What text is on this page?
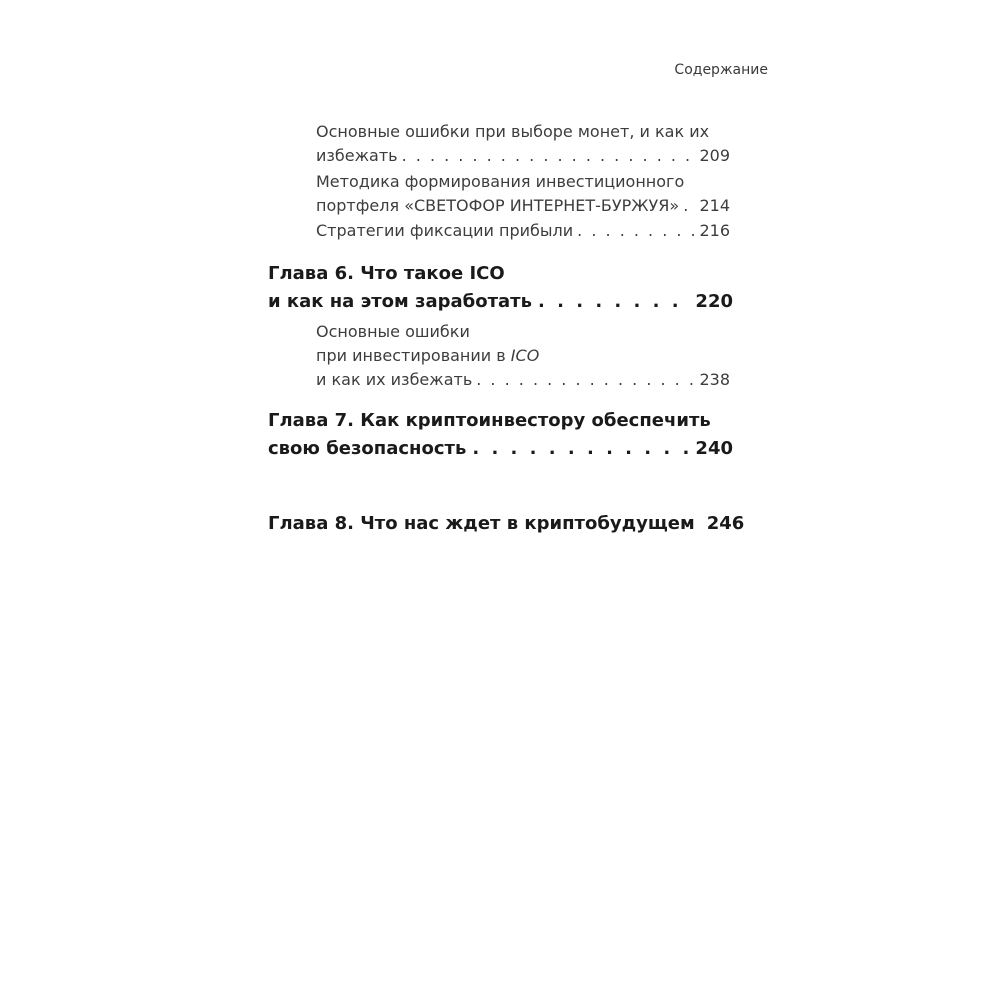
Содержание
Основные ошибки при выборе монет, и как их
избежать . . .	209
Методика формирования инвестиционного
портфеля «СВЕТОФОР ИНТЕРНЕТ-БУРЖУЯ» . . . 214
Стратегии фиксации прибыли . . .	216
Глава 6. Что такое ICO
и как на этом заработать . . .	220
Основные ошибки
при инвестировании в ICO
и как их избежать . . .	238
Глава 7. Как криптоинвестору обеспечить
свою безопасность . . .	240
Глава 8. Что нас ждет в криптобудущем 246
